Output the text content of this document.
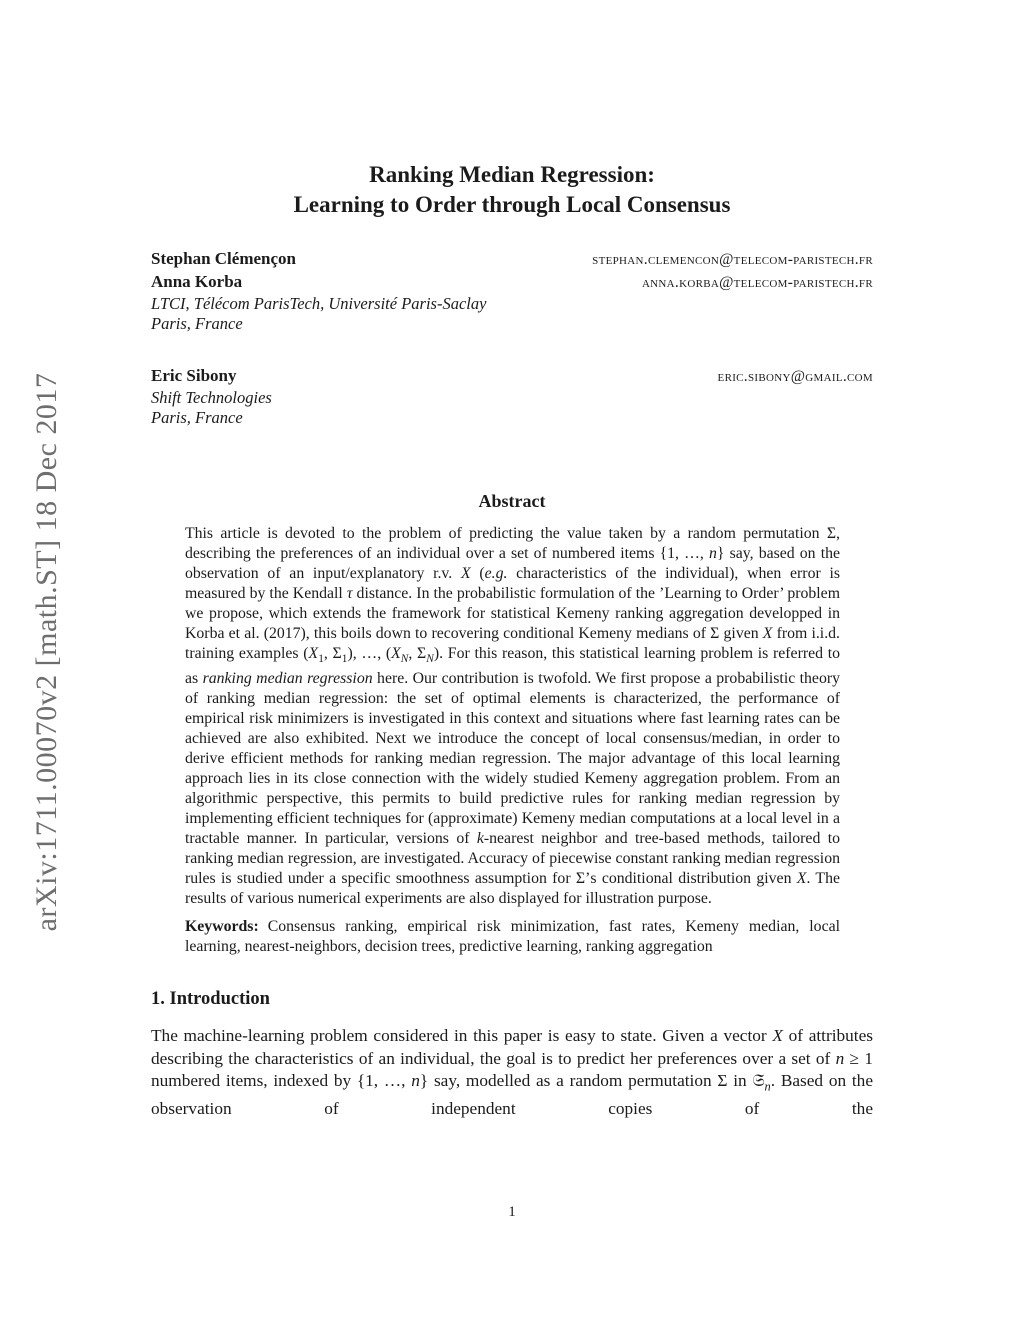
arXiv:1711.00070v2 [math.ST] 18 Dec 2017
Ranking Median Regression:
Learning to Order through Local Consensus
Stephan Clémençon	stephan.clemencon@telecom-paristech.fr
Anna Korba	anna.korba@telecom-paristech.fr
LTCI, Télécom ParisTech, Université Paris-Saclay
Paris, France
Eric Sibony	eric.sibony@gmail.com
Shift Technologies
Paris, France
Abstract
This article is devoted to the problem of predicting the value taken by a random permutation Σ, describing the preferences of an individual over a set of numbered items {1, …, n} say, based on the observation of an input/explanatory r.v. X (e.g. characteristics of the individual), when error is measured by the Kendall τ distance. In the probabilistic formulation of the ’Learning to Order’ problem we propose, which extends the framework for statistical Kemeny ranking aggregation developped in Korba et al. (2017), this boils down to recovering conditional Kemeny medians of Σ given X from i.i.d. training examples ($X_1$, $\Sigma_1$), …, ($X_N$, $\Sigma_N$). For this reason, this statistical learning problem is referred to as ranking median regression here. Our contribution is twofold. We first propose a probabilistic theory of ranking median regression: the set of optimal elements is characterized, the performance of empirical risk minimizers is investigated in this context and situations where fast learning rates can be achieved are also exhibited. Next we introduce the concept of local consensus/median, in order to derive efficient methods for ranking median regression. The major advantage of this local learning approach lies in its close connection with the widely studied Kemeny aggregation problem. From an algorithmic perspective, this permits to build predictive rules for ranking median regression by implementing efficient techniques for (approximate) Kemeny median computations at a local level in a tractable manner. In particular, versions of k-nearest neighbor and tree-based methods, tailored to ranking median regression, are investigated. Accuracy of piecewise constant ranking median regression rules is studied under a specific smoothness assumption for Σ’s conditional distribution given X. The results of various numerical experiments are also displayed for illustration purpose.
Keywords: Consensus ranking, empirical risk minimization, fast rates, Kemeny median, local learning, nearest-neighbors, decision trees, predictive learning, ranking aggregation
1. Introduction
The machine-learning problem considered in this paper is easy to state. Given a vector X of attributes describing the characteristics of an individual, the goal is to predict her preferences over a set of n ≥ 1 numbered items, indexed by {1, …, n} say, modelled as a random permutation Σ in 𝔖$_n$. Based on the observation of independent copies of the
1
